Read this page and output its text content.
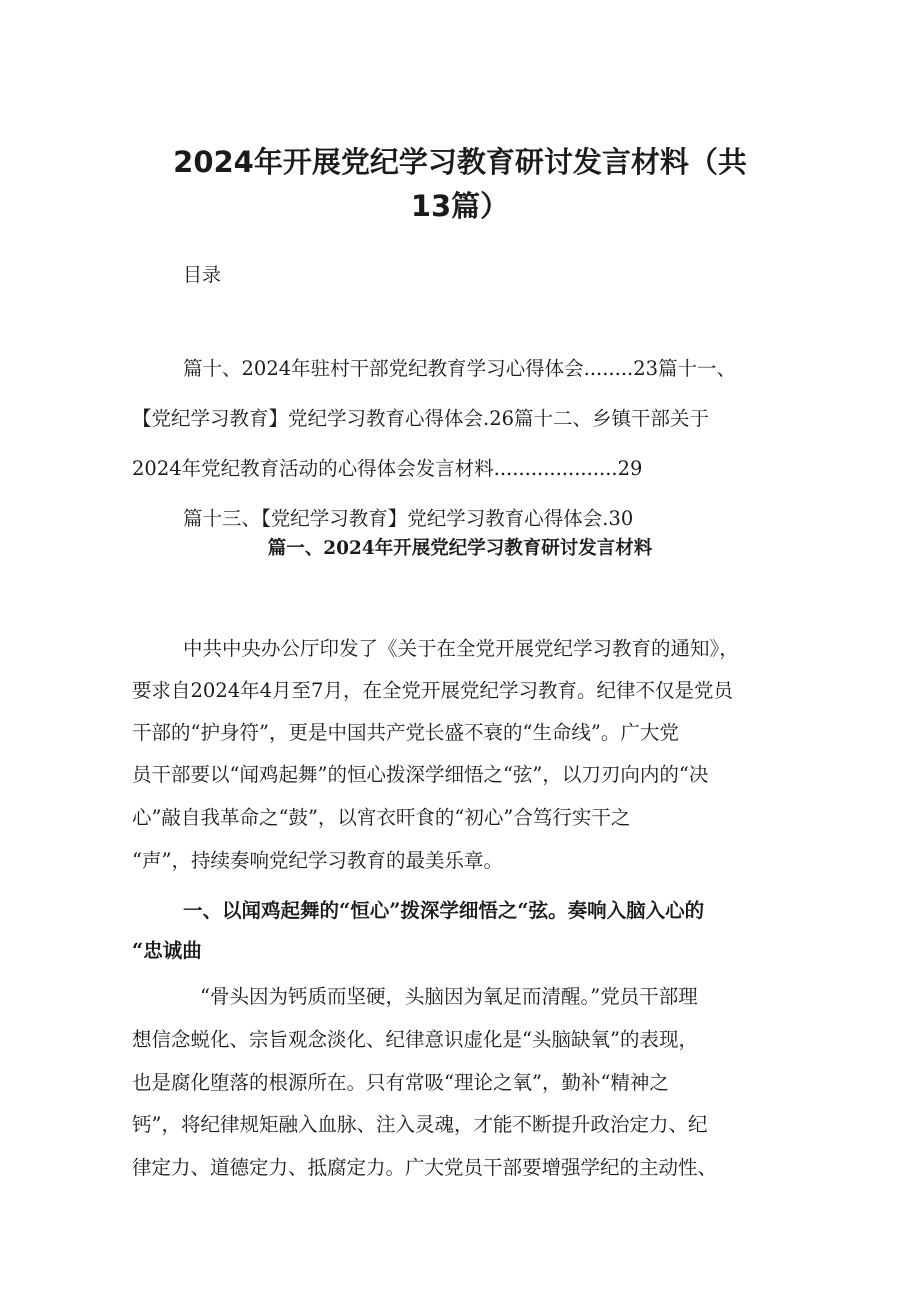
2024年开展党纪学习教育研讨发言材料（共
13篇）
目录
篇十、2024年驻村干部党纪教育学习心得体会........23篇十一、
【党纪学习教育】党纪学习教育心得体会.26篇十二、乡镇干部关于
2024年党纪教育活动的心得体会发言材料....................29
篇十三、【党纪学习教育】党纪学习教育心得体会.30
篇一、2024年开展党纪学习教育研讨发言材料
中共中央办公厅印发了《关于在全党开展党纪学习教育的通知》，
要求自2024年4月至7月，在全党开展党纪学习教育。纪律不仅是党员
干部的“护身符”，更是中国共产党长盛不衰的“生命线”。广大党
员干部要以“闻鸡起舞”的恒心拨深学细悟之“弦”，以刀刃向内的“决
心”敲自我革命之“鼓”，以宵衣旰食的“初心”合笃行实干之
“声”，持续奏响党纪学习教育的最美乐章。
一、以闻鸡起舞的“恒心”拨深学细悟之“弦。奏响入脑入心的
“忠诚曲
“骨头因为钙质而坚硬，头脑因为氧足而清醒。”党员干部理
想信念蜕化、宗旨观念淡化、纪律意识虚化是“头脑缺氧”的表现，
也是腐化堕落的根源所在。只有常吸“理论之氧”，勤补“精神之
钙”，将纪律规矩融入血脉、注入灵魂，才能不断提升政治定力、纪
律定力、道德定力、抵腐定力。广大党员干部要增强学纪的主动性、
